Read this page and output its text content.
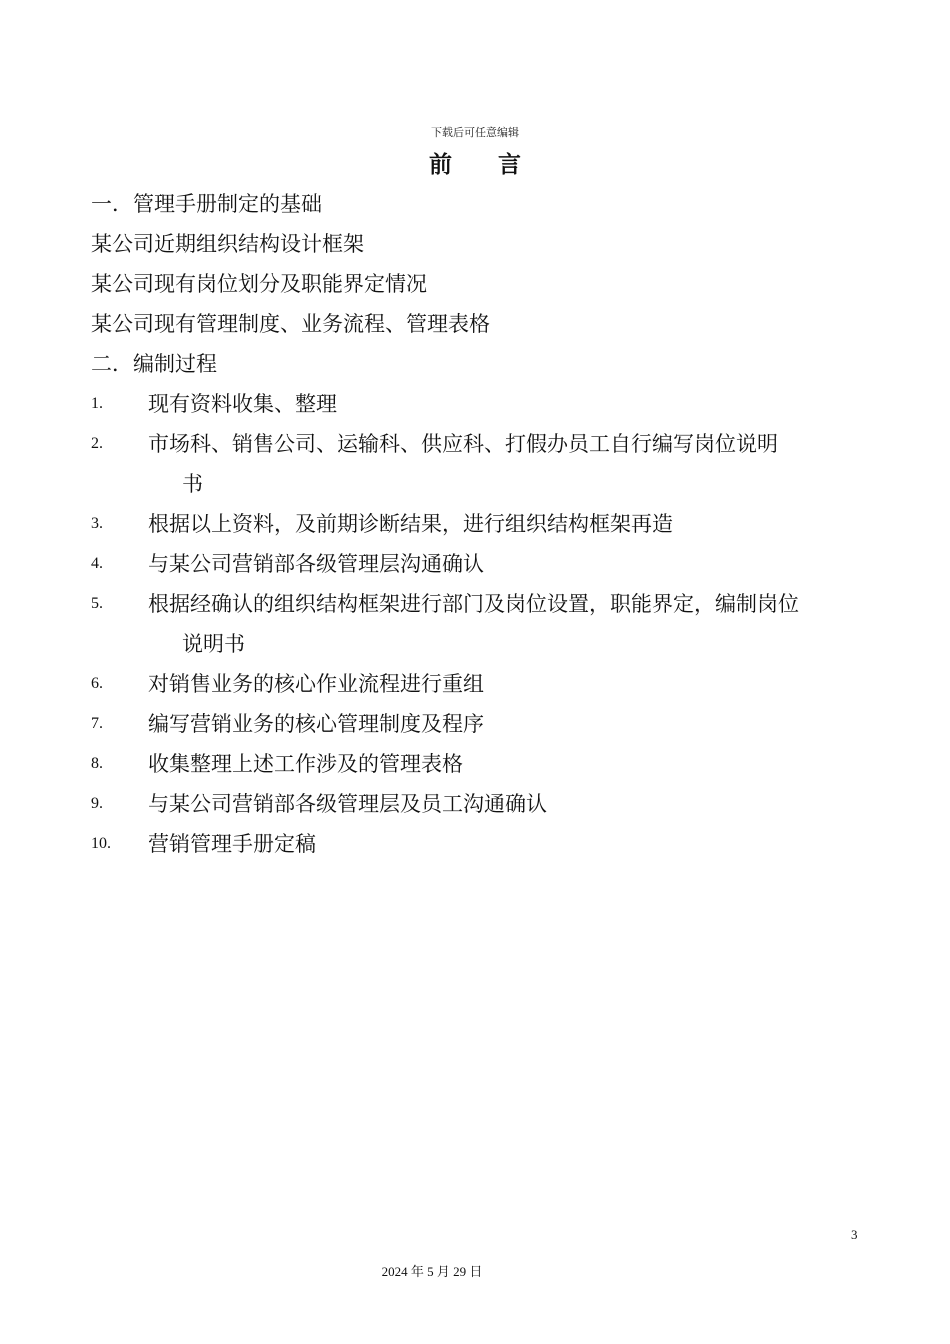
下载后可任意编辑
前言
一．管理手册制定的基础
某公司近期组织结构设计框架
某公司现有岗位划分及职能界定情况
某公司现有管理制度、业务流程、管理表格
二．编制过程
1.	现有资料收集、整理
2.	市场科、销售公司、运输科、供应科、打假办员工自行编写岗位说明
书
3.	根据以上资料，及前期诊断结果，进行组织结构框架再造
4.	与某公司营销部各级管理层沟通确认
5.	根据经确认的组织结构框架进行部门及岗位设置，职能界定，编制岗位
说明书
6.	对销售业务的核心作业流程进行重组
7.	编写营销业务的核心管理制度及程序
8.	收集整理上述工作涉及的管理表格
9.	与某公司营销部各级管理层及员工沟通确认
10.	营销管理手册定稿
3
2024 年 5 月 29 日
